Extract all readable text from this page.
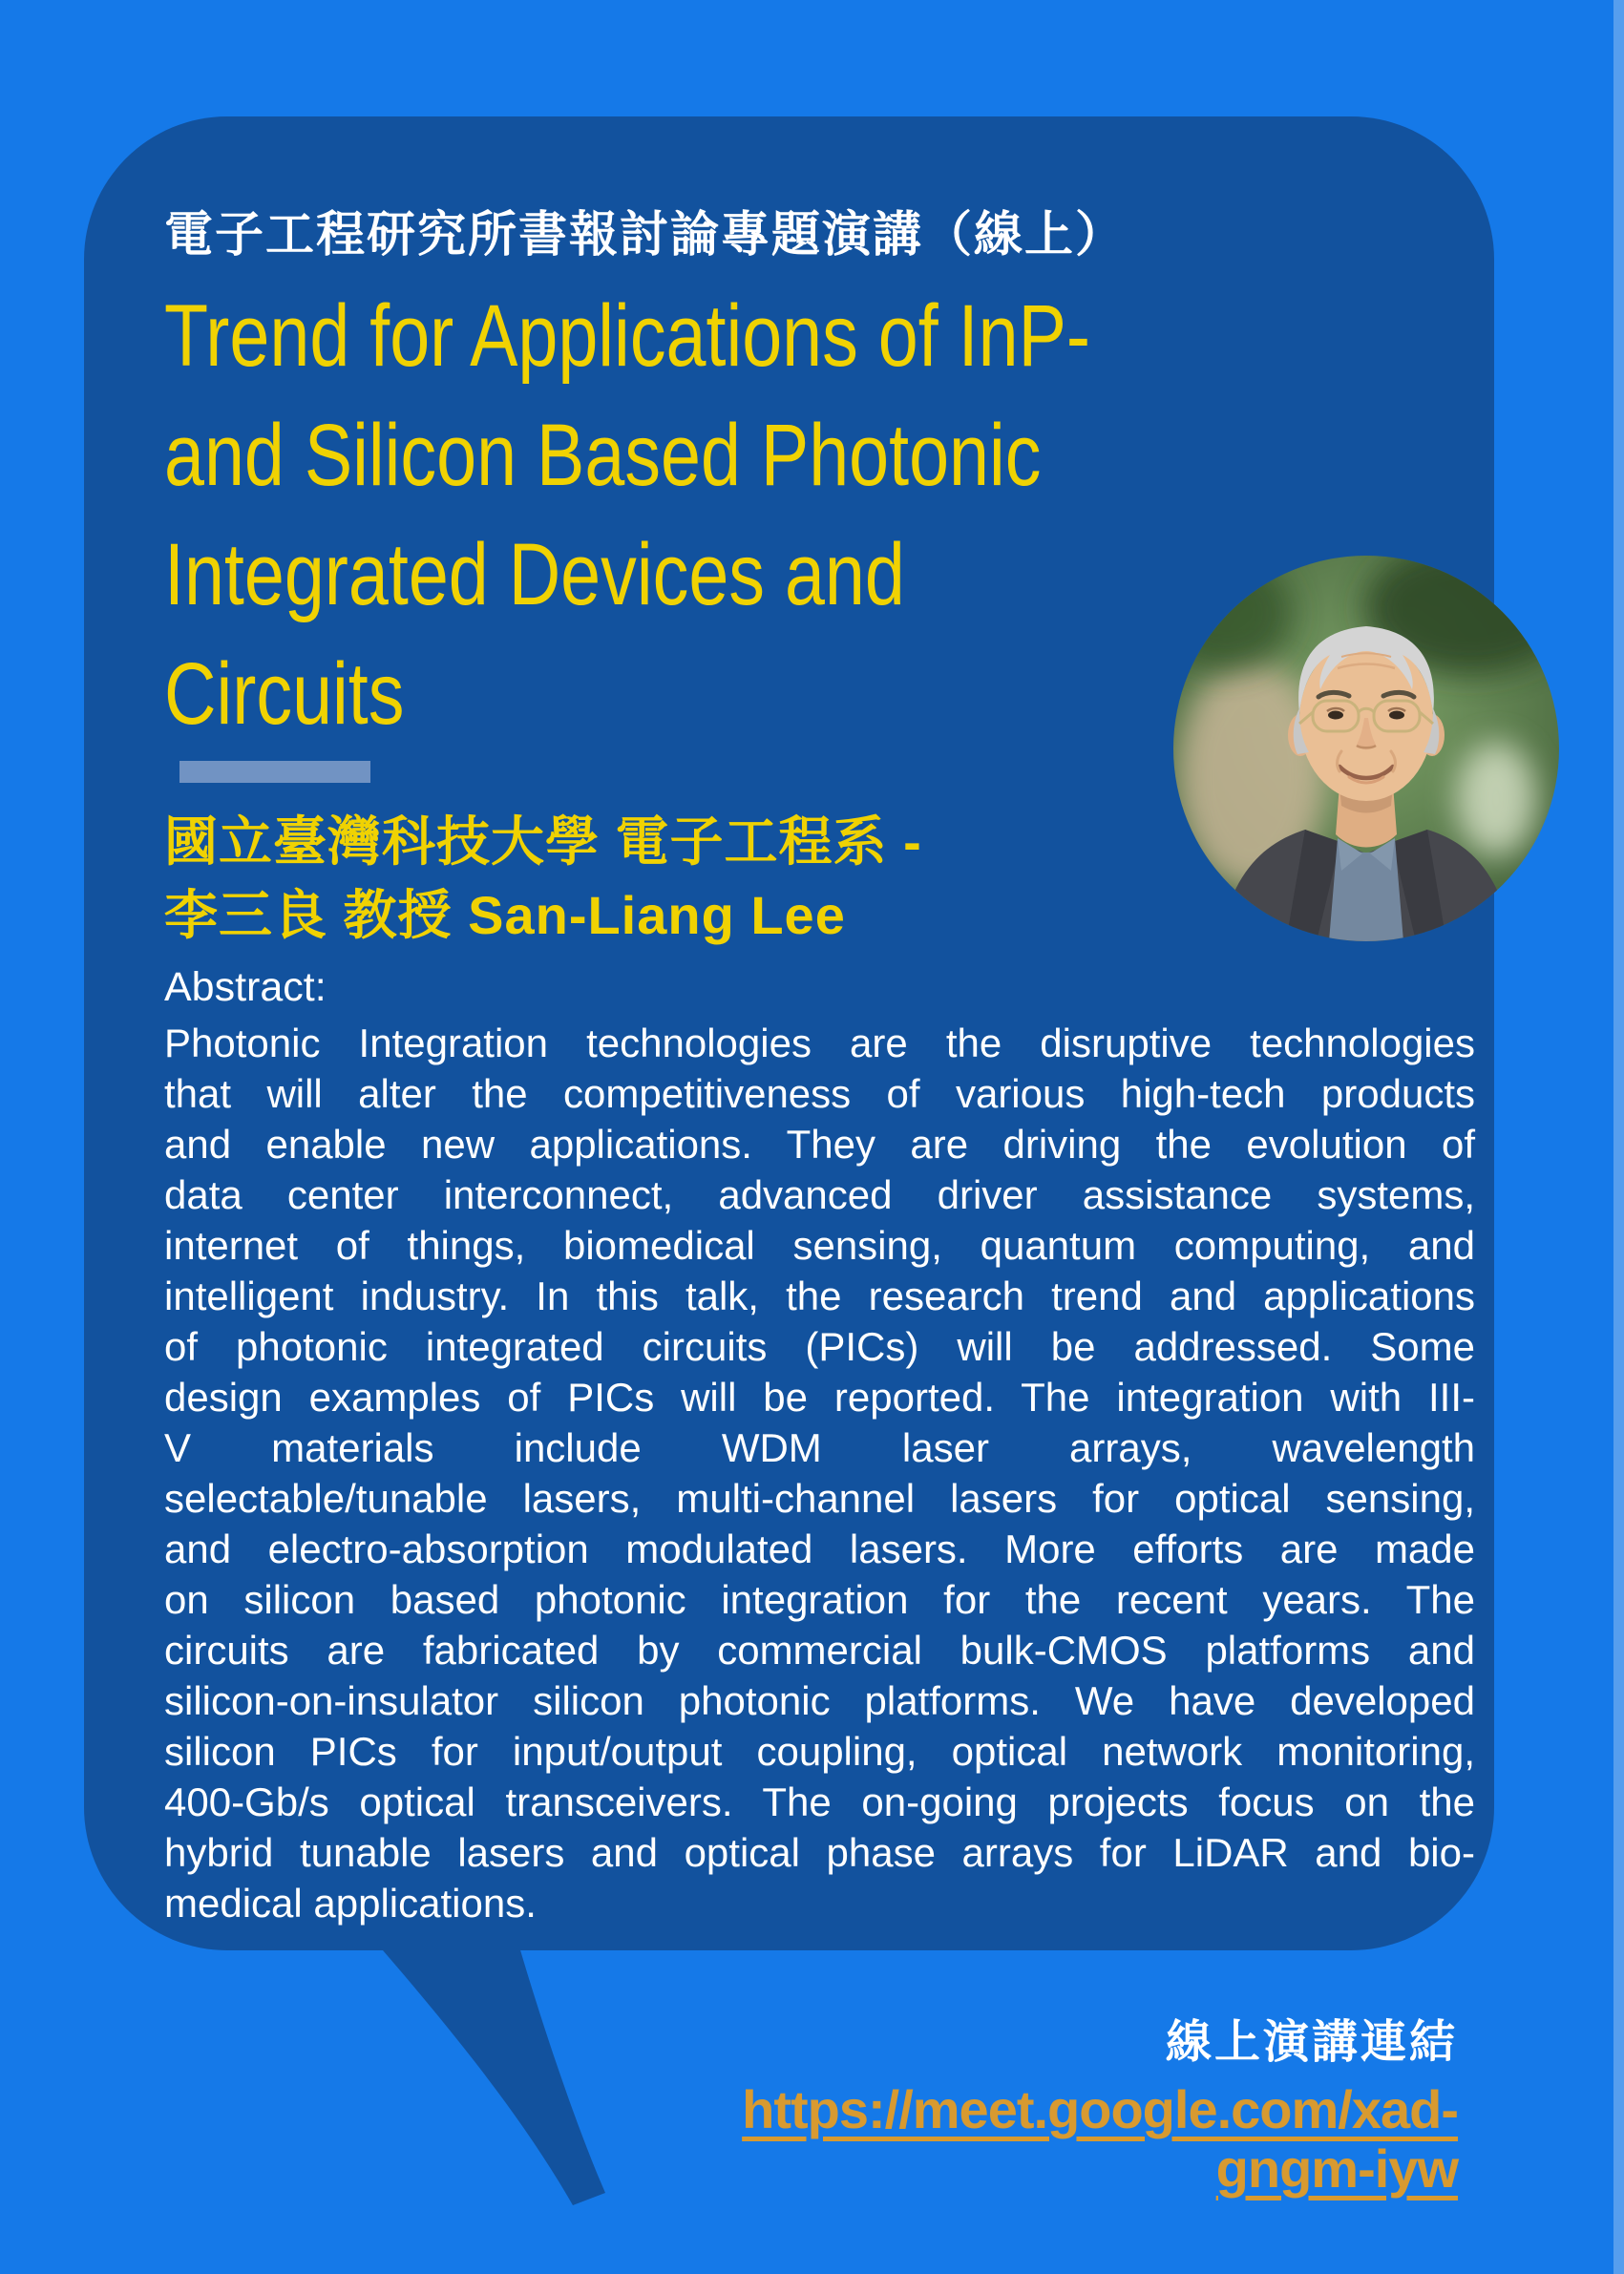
電子工程研究所書報討論專題演講（線上）
Trend for Applications of InP-
and Silicon Based Photonic
Integrated Devices and
Circuits
國立臺灣科技大學 電子工程系 -
李三良 教授 San-Liang Lee
Abstract:
Photonic Integration technologies are the disruptive technologies
that will alter the competitiveness of various high-tech products
and enable new applications. They are driving the evolution of
data center interconnect, advanced driver assistance systems,
internet of things, biomedical sensing, quantum computing, and
intelligent industry. In this talk, the research trend and applications
of photonic integrated circuits (PICs) will be addressed. Some
design examples of PICs will be reported. The integration with III-
V materials include WDM laser arrays, wavelength
selectable/tunable lasers, multi-channel lasers for optical sensing,
and electro-absorption modulated lasers. More efforts are made
on silicon based photonic integration for the recent years. The
circuits are fabricated by commercial bulk-CMOS platforms and
silicon-on-insulator silicon photonic platforms. We have developed
silicon PICs for input/output coupling, optical network monitoring,
400-Gb/s optical transceivers. The on-going projects focus on the
hybrid tunable lasers and optical phase arrays for LiDAR and bio-
medical applications.
線上演講連結
https://meet.google.com/xad-
gngm-iyw
